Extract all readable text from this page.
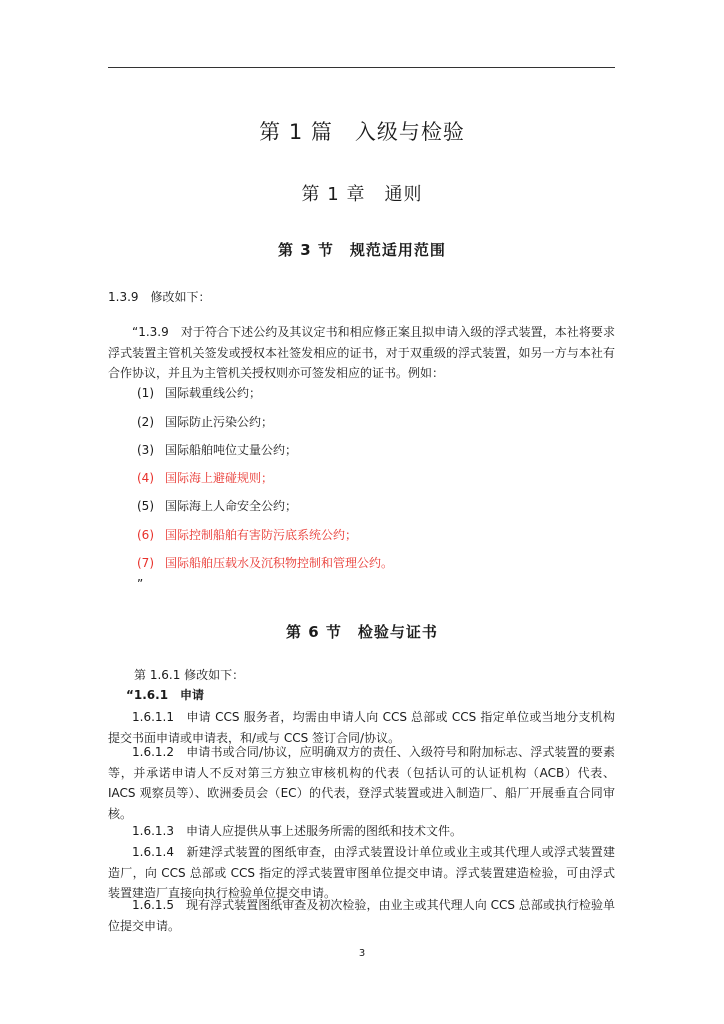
第 1 篇　入级与检验
第 1 章　通则
第 3 节　规范适用范围
1.3.9　修改如下：
“1.3.9　对于符合下述公约及其议定书和相应修正案且拟申请入级的浮式装置，本社将要求浮式装置主管机关签发或授权本社签发相应的证书，对于双重级的浮式装置，如另一方与本社有合作协议，并且为主管机关授权则亦可签发相应的证书。例如：
(1) 国际载重线公约；
(2) 国际防止污染公约；
(3) 国际船舶吨位丈量公约；
(4) 国际海上避碰规则；
(5) 国际海上人命安全公约；
(6) 国际控制船舶有害防污底系统公约；
(7) 国际船舶压载水及沉积物控制和管理公约。
”
第 6 节　检验与证书
第 1.6.1 修改如下：
“1.6.1　申请
1.6.1.1　申请 CCS 服务者，均需由申请人向 CCS 总部或 CCS 指定单位或当地分支机构提交书面申请或申请表，和/或与 CCS 签订合同/协议。
1.6.1.2　申请书或合同/协议，应明确双方的责任、入级符号和附加标志、浮式装置的要素等，并承诺申请人不反对第三方独立审核机构的代表（包括认可的认证机构（ACB）代表、IACS 观察员等）、欧洲委员会（EC）的代表，登浮式装置或进入制造厂、船厂开展垂直合同审核。
1.6.1.3　申请人应提供从事上述服务所需的图纸和技术文件。
1.6.1.4　新建浮式装置的图纸审查，由浮式装置设计单位或业主或其代理人或浮式装置建造厂，向 CCS 总部或 CCS 指定的浮式装置审图单位提交申请。浮式装置建造检验，可由浮式装置建造厂直接向执行检验单位提交申请。
1.6.1.5　现有浮式装置图纸审查及初次检验，由业主或其代理人向 CCS 总部或执行检验单位提交申请。
3
